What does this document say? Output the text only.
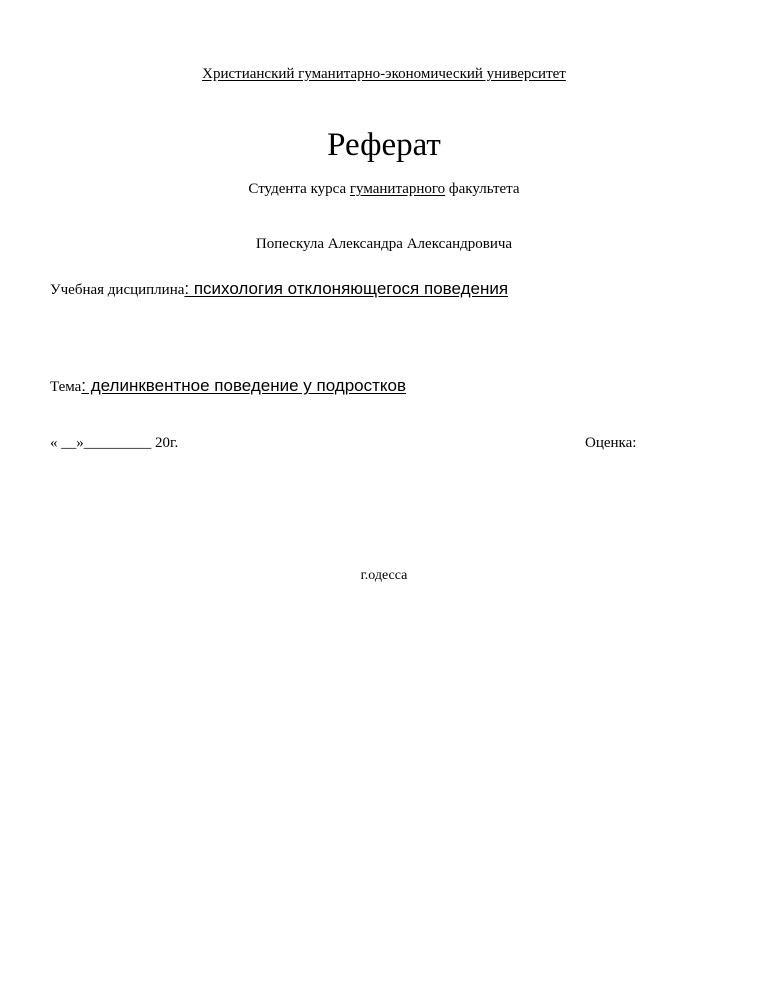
Христианский гуманитарно-экономический университет
Реферат
Студента курса гуманитарного факультета
Попескула Александра Александровича
Учебная дисциплина: психология отклоняющегося поведения
Тема: делинквентное поведение у подростков
« __»_________ 20г.	Оценка:
г.одесса
